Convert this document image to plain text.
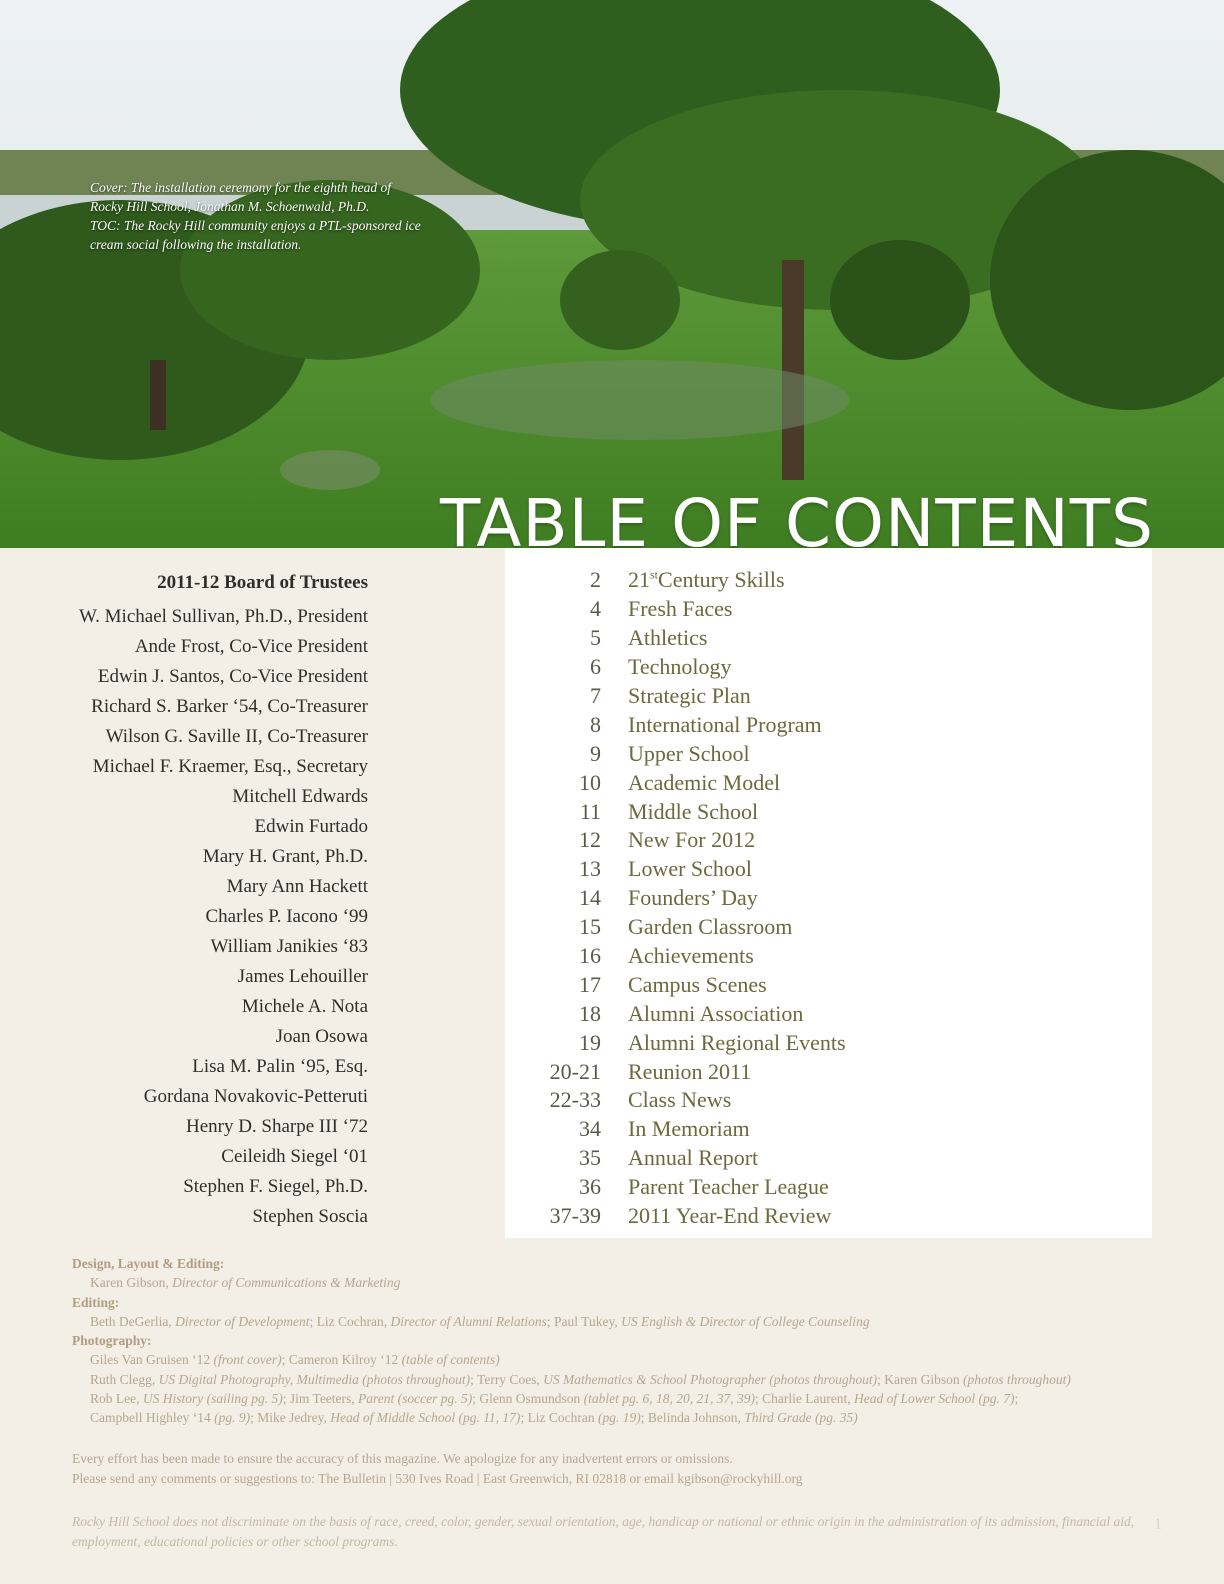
Cover: The installation ceremony for the eighth head of
Rocky Hill School, Jonathan M. Schoenwald, Ph.D.
TOC: The Rocky Hill community enjoys a PTL-sponsored ice
cream social following the installation.
TABLE OF CONTENTS
2011-12 Board of Trustees
W. Michael Sullivan, Ph.D., President
Ande Frost, Co-Vice President
Edwin J. Santos, Co-Vice President
Richard S. Barker ‘54, Co-Treasurer
Wilson G. Saville II, Co-Treasurer
Michael F. Kraemer, Esq., Secretary
Mitchell Edwards
Edwin Furtado
Mary H. Grant, Ph.D.
Mary Ann Hackett
Charles P. Iacono ‘99
William Janikies ‘83
James Lehouiller
Michele A. Nota
Joan Osowa
Lisa M. Palin ‘95, Esq.
Gordana Novakovic-Petteruti
Henry D. Sharpe III ‘72
Ceileidh Siegel ‘01
Stephen F. Siegel, Ph.D.
Stephen Soscia
2 21stCentury Skills
4 Fresh Faces
5 Athletics
6 Technology
7 Strategic Plan
8 International Program
9 Upper School
10 Academic Model
11 Middle School
12 New For 2012
13 Lower School
14 Founders’ Day
15 Garden Classroom
16 Achievements
17 Campus Scenes
18 Alumni Association
19 Alumni Regional Events
20-21 Reunion 2011
22-33 Class News
34 In Memoriam
35 Annual Report
36 Parent Teacher League
37-39 2011 Year-End Review
Design, Layout & Editing:
Karen Gibson, Director of Communications & Marketing
Editing:
Beth DeGerlia, Director of Development; Liz Cochran, Director of Alumni Relations; Paul Tukey, US English & Director of College Counseling
Photography:
Giles Van Gruisen ‘12 (front cover); Cameron Kilroy ‘12 (table of contents)
Ruth Clegg, US Digital Photography, Multimedia (photos throughout); Terry Coes, US Mathematics & School Photographer (photos throughout); Karen Gibson (photos throughout)
Rob Lee, US History (sailing pg. 5); Jim Teeters, Parent (soccer pg. 5); Glenn Osmundson (tablet pg. 6, 18, 20, 21, 37, 39); Charlie Laurent, Head of Lower School (pg. 7);
Campbell Highley ‘14 (pg. 9); Mike Jedrey, Head of Middle School (pg. 11, 17); Liz Cochran (pg. 19); Belinda Johnson, Third Grade (pg. 35)
Every effort has been made to ensure the accuracy of this magazine. We apologize for any inadvertent errors or omissions.
Please send any comments or suggestions to: The Bulletin | 530 Ives Road | East Greenwich, RI 02818 or email kgibson@rockyhill.org
Rocky Hill School does not discriminate on the basis of race, creed, color, gender, sexual orientation, age, handicap or national or ethnic origin in the administration of its admission, financial aid, employment, educational policies or other school programs.
1
